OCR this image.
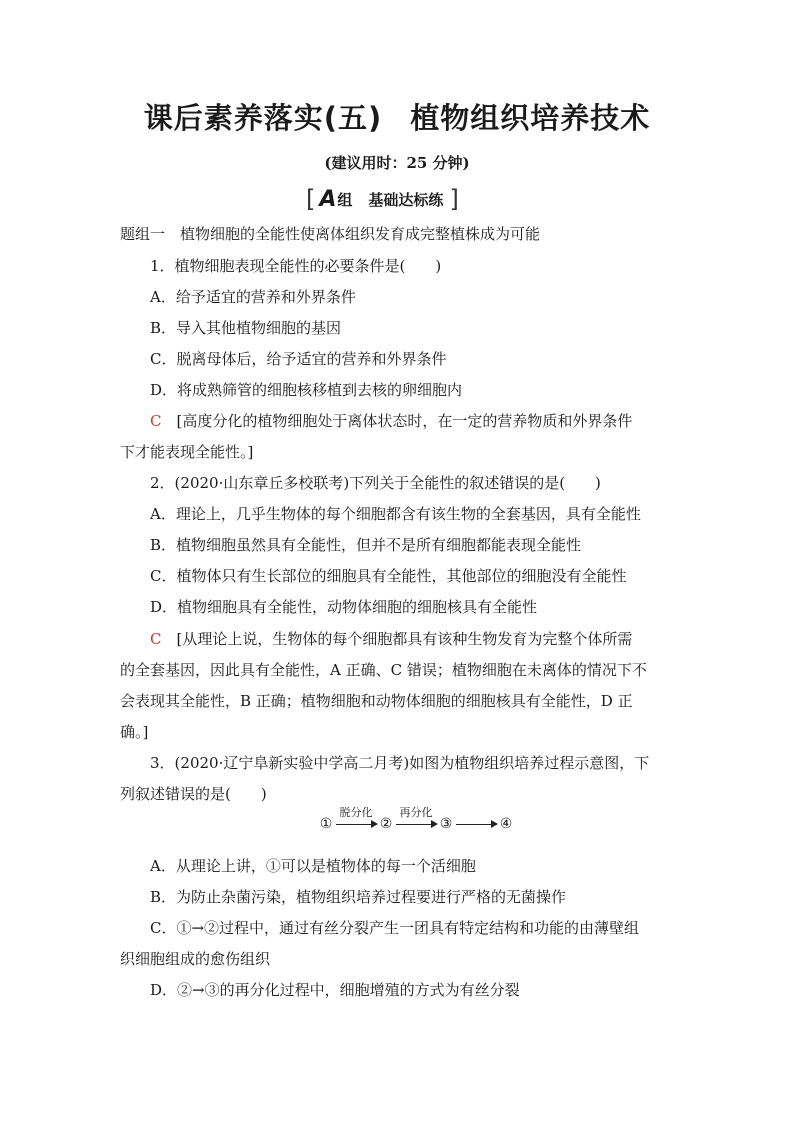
课后素养落实(五) 植物组织培养技术
(建议用时：25 分钟)
[ A 组 基础达标练 ]
题组一　植物细胞的全能性使离体组织发育成完整植株成为可能
1．植物细胞表现全能性的必要条件是(　　)
A．给予适宜的营养和外界条件
B．导入其他植物细胞的基因
C．脱离母体后，给予适宜的营养和外界条件
D．将成熟筛管的细胞核移植到去核的卵细胞内
C　[高度分化的植物细胞处于离体状态时，在一定的营养物质和外界条件
下才能表现全能性。]
2．(2020·山东章丘多校联考)下列关于全能性的叙述错误的是(　　)
A．理论上，几乎生物体的每个细胞都含有该生物的全套基因，具有全能性
B．植物细胞虽然具有全能性，但并不是所有细胞都能表现全能性
C．植物体只有生长部位的细胞具有全能性，其他部位的细胞没有全能性
D．植物细胞具有全能性，动物体细胞的细胞核具有全能性
C　[从理论上说，生物体的每个细胞都具有该种生物发育为完整个体所需
的全套基因，因此具有全能性，A 正确、C 错误；植物细胞在未离体的情况下不
会表现其全能性，B 正确；植物细胞和动物体细胞的细胞核具有全能性，D 正
确。]
3．(2020·辽宁阜新实验中学高二月考)如图为植物组织培养过程示意图，下
列叙述错误的是(　　)
①
脱分化
②
再分化
③	④
A．从理论上讲，①可以是植物体的每一个活细胞
B．为防止杂菌污染，植物组织培养过程要进行严格的无菌操作
C．①→②过程中，通过有丝分裂产生一团具有特定结构和功能的由薄壁组
织细胞组成的愈伤组织
D．②→③的再分化过程中，细胞增殖的方式为有丝分裂
